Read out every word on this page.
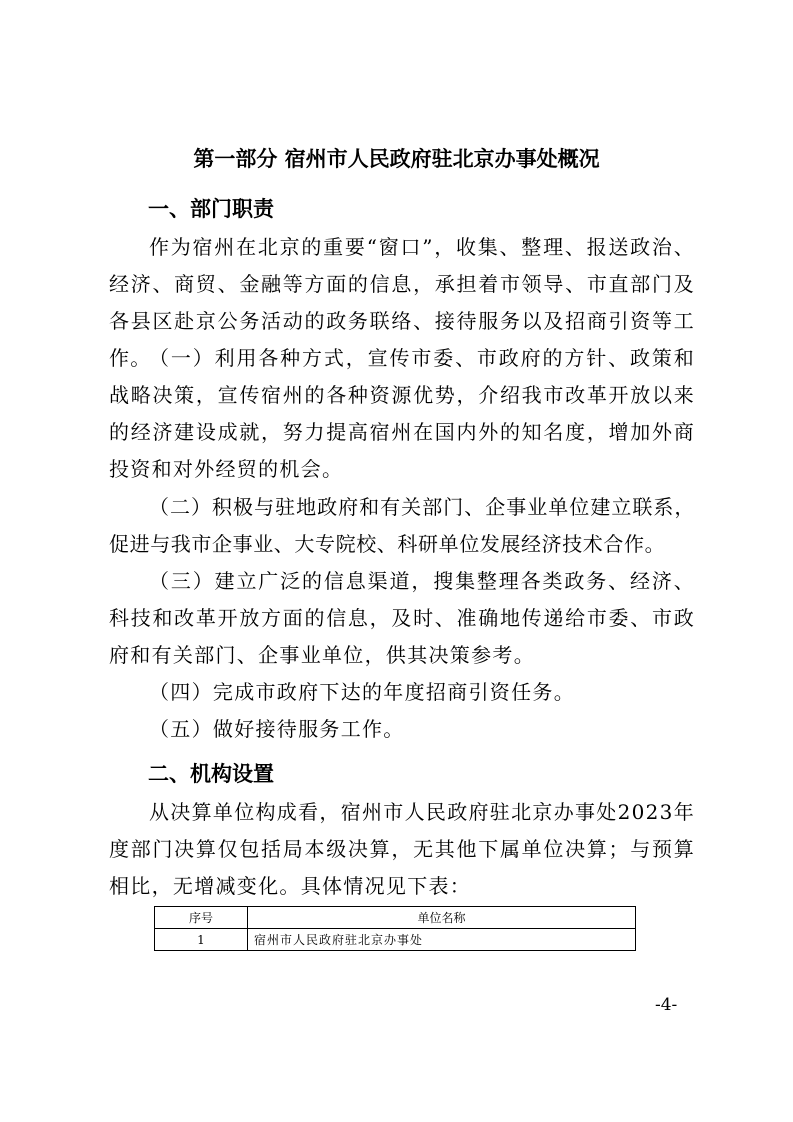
第一部分 宿州市人民政府驻北京办事处概况
一、部门职责

作为宿州在北京的重要“窗口”，收集、整理、报送政治、经济、商贸、金融等方面的信息，承担着市领导、市直部门及各县区赴京公务活动的政务联络、接待服务以及招商引资等工作。

（一）利用各种方式，宣传市委、市政府的方针、政策和战略决策，宣传宿州的各种资源优势，介绍我市改革开放以来的经济建设成就，努力提高宿州在国内外的知名度，增加外商投资和对外经贸的机会。

（二）积极与驻地政府和有关部门、企事业单位建立联系，促进与我市企事业、大专院校、科研单位发展经济技术合作。

（三）建立广泛的信息渠道，搜集整理各类政务、经济、科技和改革开放方面的信息，及时、准确地传递给市委、市政府和有关部门、企事业单位，供其决策参考。

（四）完成市政府下达的年度招商引资任务。

（五）做好接待服务工作。

二、机构设置

从决算单位构成看，宿州市人民政府驻北京办事处2023年度部门决算仅包括局本级决算，无其他下属单位决算；与预算相比，无增减变化。具体情况见下表：

序号	单位名称
1	宿州市人民政府驻北京办事处
-4-
